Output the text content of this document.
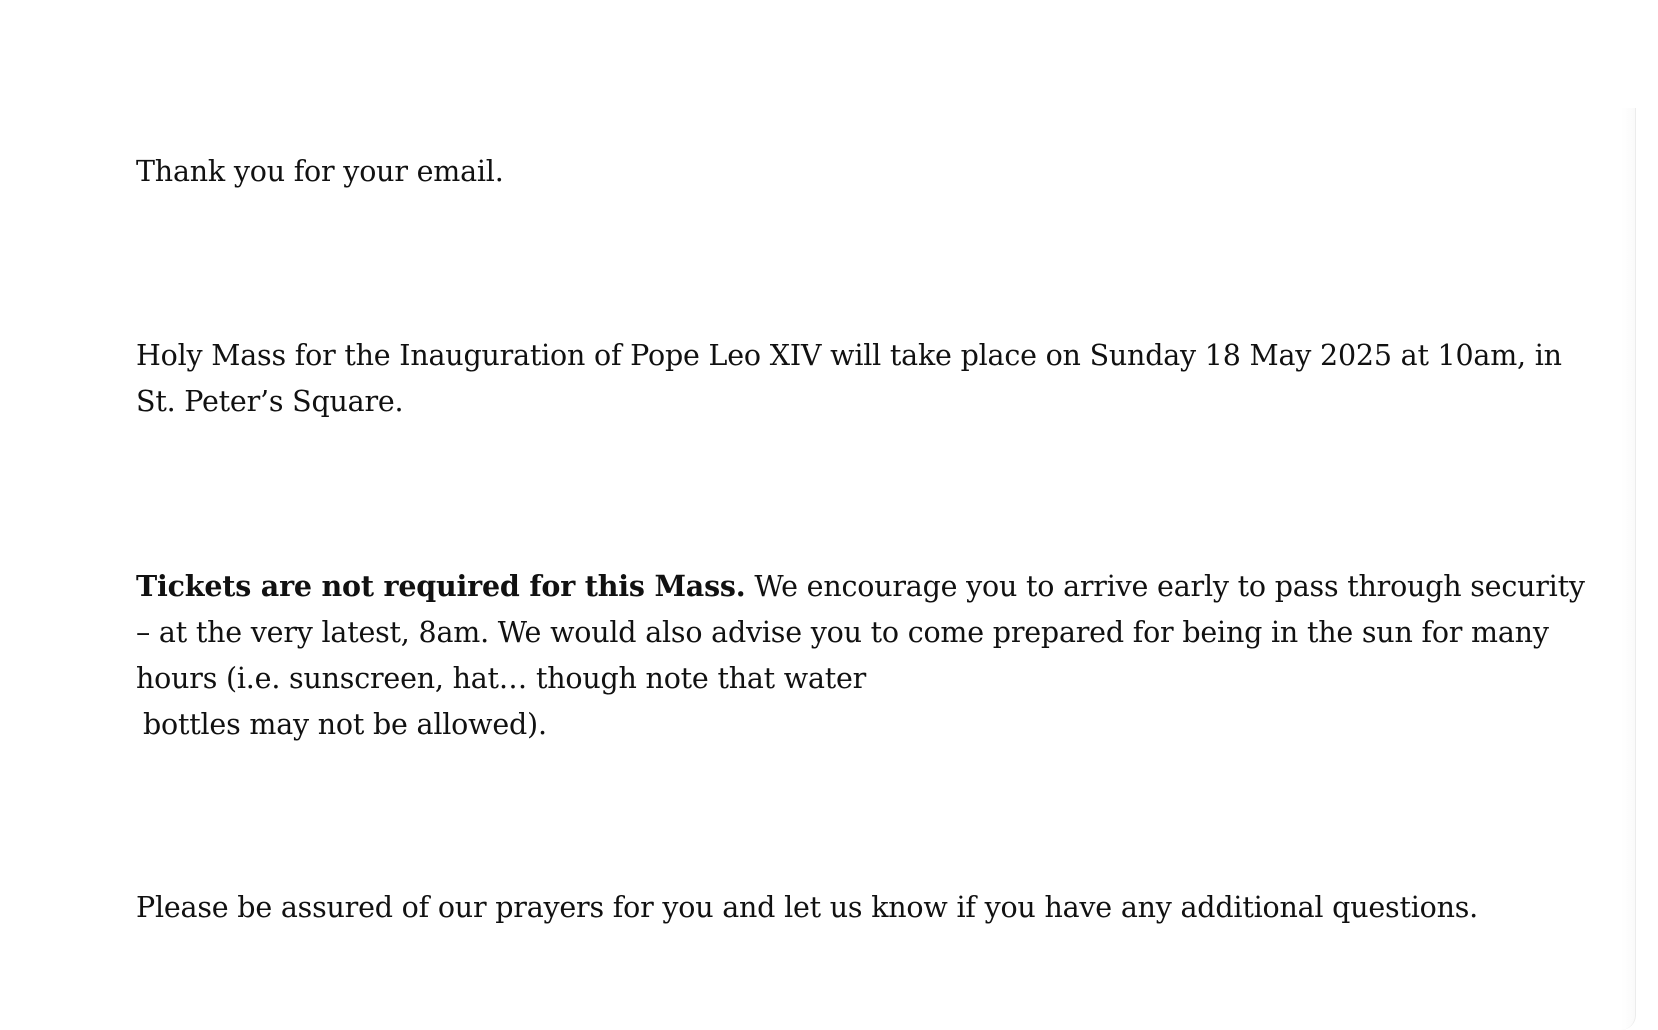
Thank you for your email.

Holy Mass for the Inauguration of Pope Leo XIV will take place on Sunday 18 May 2025 at 10am, in St. Peter’s Square.

Tickets are not required for this Mass. We encourage you to arrive early to pass through security – at the very latest, 8am. We would also advise you to come prepared for being in the sun for many hours (i.e. sunscreen, hat… though note that water
bottles may not be allowed).

Please be assured of our prayers for you and let us know if you have any additional questions.
